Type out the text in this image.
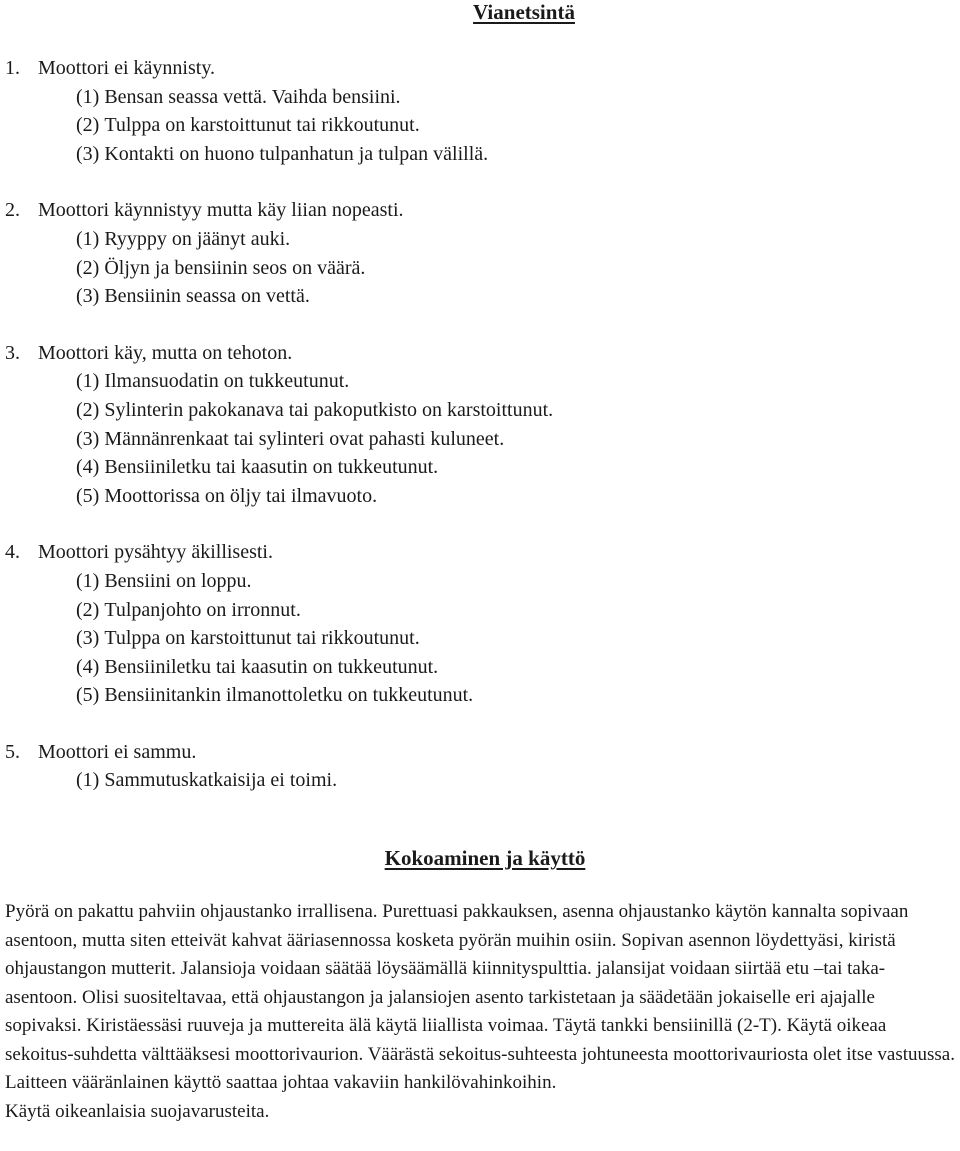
Vianetsintä
1. Moottori ei käynnisty.
(1) Bensan seassa vettä. Vaihda bensiini.
(2) Tulppa on karstoittunut tai rikkoutunut.
(3) Kontakti on huono tulpanhatun ja tulpan välillä.
2. Moottori käynnistyy mutta käy liian nopeasti.
(1) Ryyppy on jäänyt auki.
(2) Öljyn ja bensiinin seos on väärä.
(3) Bensiinin seassa on vettä.
3. Moottori käy, mutta on tehoton.
(1) Ilmansuodatin on tukkeutunut.
(2) Sylinterin pakokanava tai pakoputkisto on karstoittunut.
(3) Männänrenkaat tai sylinteri ovat pahasti kuluneet.
(4) Bensiiniletku tai kaasutin on tukkeutunut.
(5) Moottorissa on öljy tai ilmavuoto.
4. Moottori pysähtyy äkillisesti.
(1) Bensiini on loppu.
(2) Tulpanjohto on irronnut.
(3) Tulppa on karstoittunut tai rikkoutunut.
(4) Bensiiniletku tai kaasutin on tukkeutunut.
(5) Bensiinitankin ilmanottoletku on tukkeutunut.
5. Moottori ei sammu.
(1) Sammutuskatkaisija ei toimi.
Kokoaminen ja käyttö
Pyörä on pakattu pahviin ohjaustanko irrallisena. Purettuasi pakkauksen, asenna ohjaustanko käytön kannalta sopivaan asentoon, mutta siten etteivät kahvat ääriasennossa kosketa pyörän muihin osiin. Sopivan asennon löydettyäsi, kiristä ohjaustangon mutterit. Jalansioja voidaan säätää löysäämällä kiinnityspulttia. jalansijat voidaan siirtää etu –tai taka-asentoon. Olisi suositeltavaa, että ohjaustangon ja jalansiojen asento tarkistetaan ja säädetään jokaiselle eri ajajalle sopivaksi. Kiristäessäsi ruuveja ja muttereita älä käytä liiallista voimaa. Täytä tankki bensiinillä (2-T). Käytä oikeaa sekoitus-suhdetta välttääksesi moottorivaurion. Väärästä sekoitus-suhteesta johtuneesta moottorivauriosta olet itse vastuussa. Laitteen vääränlainen käyttö saattaa johtaa vakaviin hankilövahinkoihin.
Käytä oikeanlaisia suojavarusteita.
